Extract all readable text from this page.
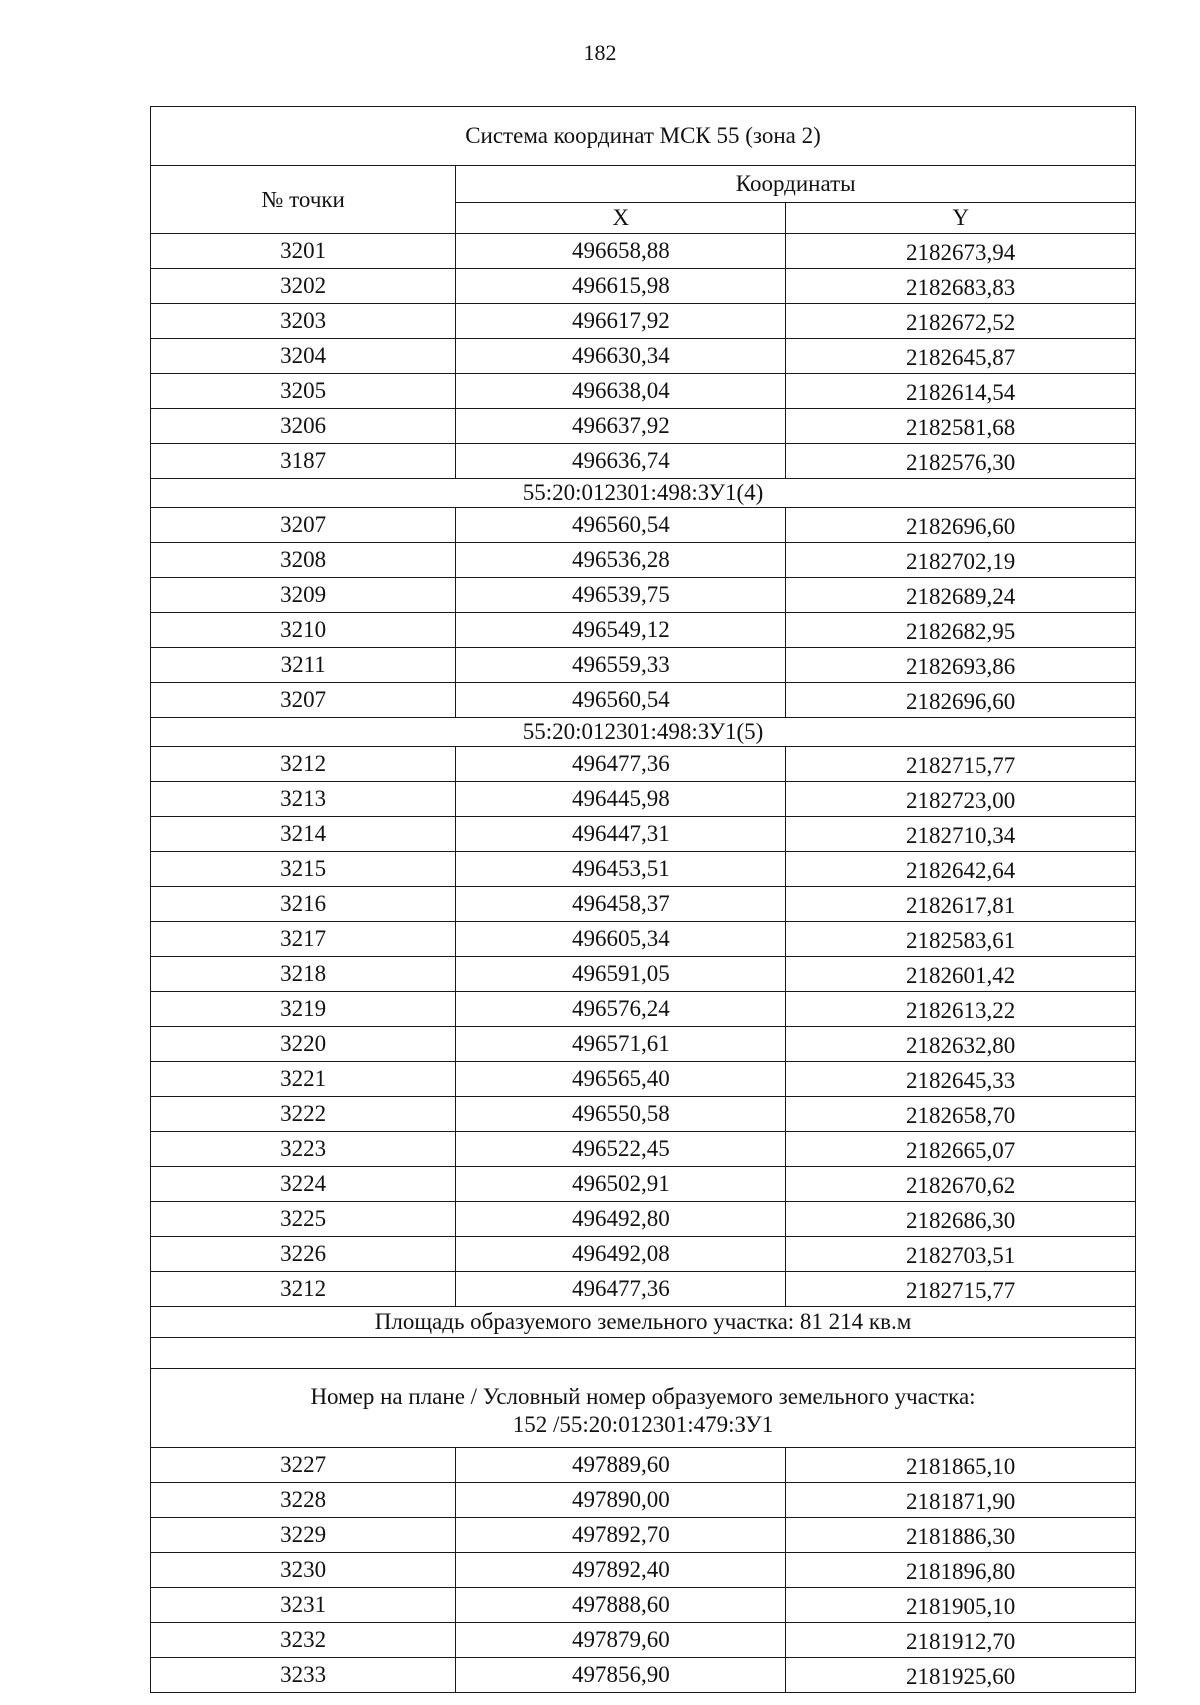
182
Система координат МСК 55 (зона 2)		
№ точки	Координаты	
	X	Y
3201	496658,88	2182673,94
3202	496615,98	2182683,83
3203	496617,92	2182672,52
3204	496630,34	2182645,87
3205	496638,04	2182614,54
3206	496637,92	2182581,68
3187	496636,74	2182576,30
55:20:012301:498:ЗУ1(4)		
3207	496560,54	2182696,60
3208	496536,28	2182702,19
3209	496539,75	2182689,24
3210	496549,12	2182682,95
3211	496559,33	2182693,86
3207	496560,54	2182696,60
55:20:012301:498:ЗУ1(5)		
3212	496477,36	2182715,77
3213	496445,98	2182723,00
3214	496447,31	2182710,34
3215	496453,51	2182642,64
3216	496458,37	2182617,81
3217	496605,34	2182583,61
3218	496591,05	2182601,42
3219	496576,24	2182613,22
3220	496571,61	2182632,80
3221	496565,40	2182645,33
3222	496550,58	2182658,70
3223	496522,45	2182665,07
3224	496502,91	2182670,62
3225	496492,80	2182686,30
3226	496492,08	2182703,51
3212	496477,36	2182715,77
Площадь образуемого земельного участка: 81 214 кв.м		

Номер на плане / Условный номер образуемого земельного участка:
152 /55:20:012301:479:ЗУ1		

3227	497889,60	2181865,10
3228	497890,00	2181871,90
3229	497892,70	2181886,30
3230	497892,40	2181896,80
3231	497888,60	2181905,10
3232	497879,60	2181912,70
3233	497856,90	2181925,60
